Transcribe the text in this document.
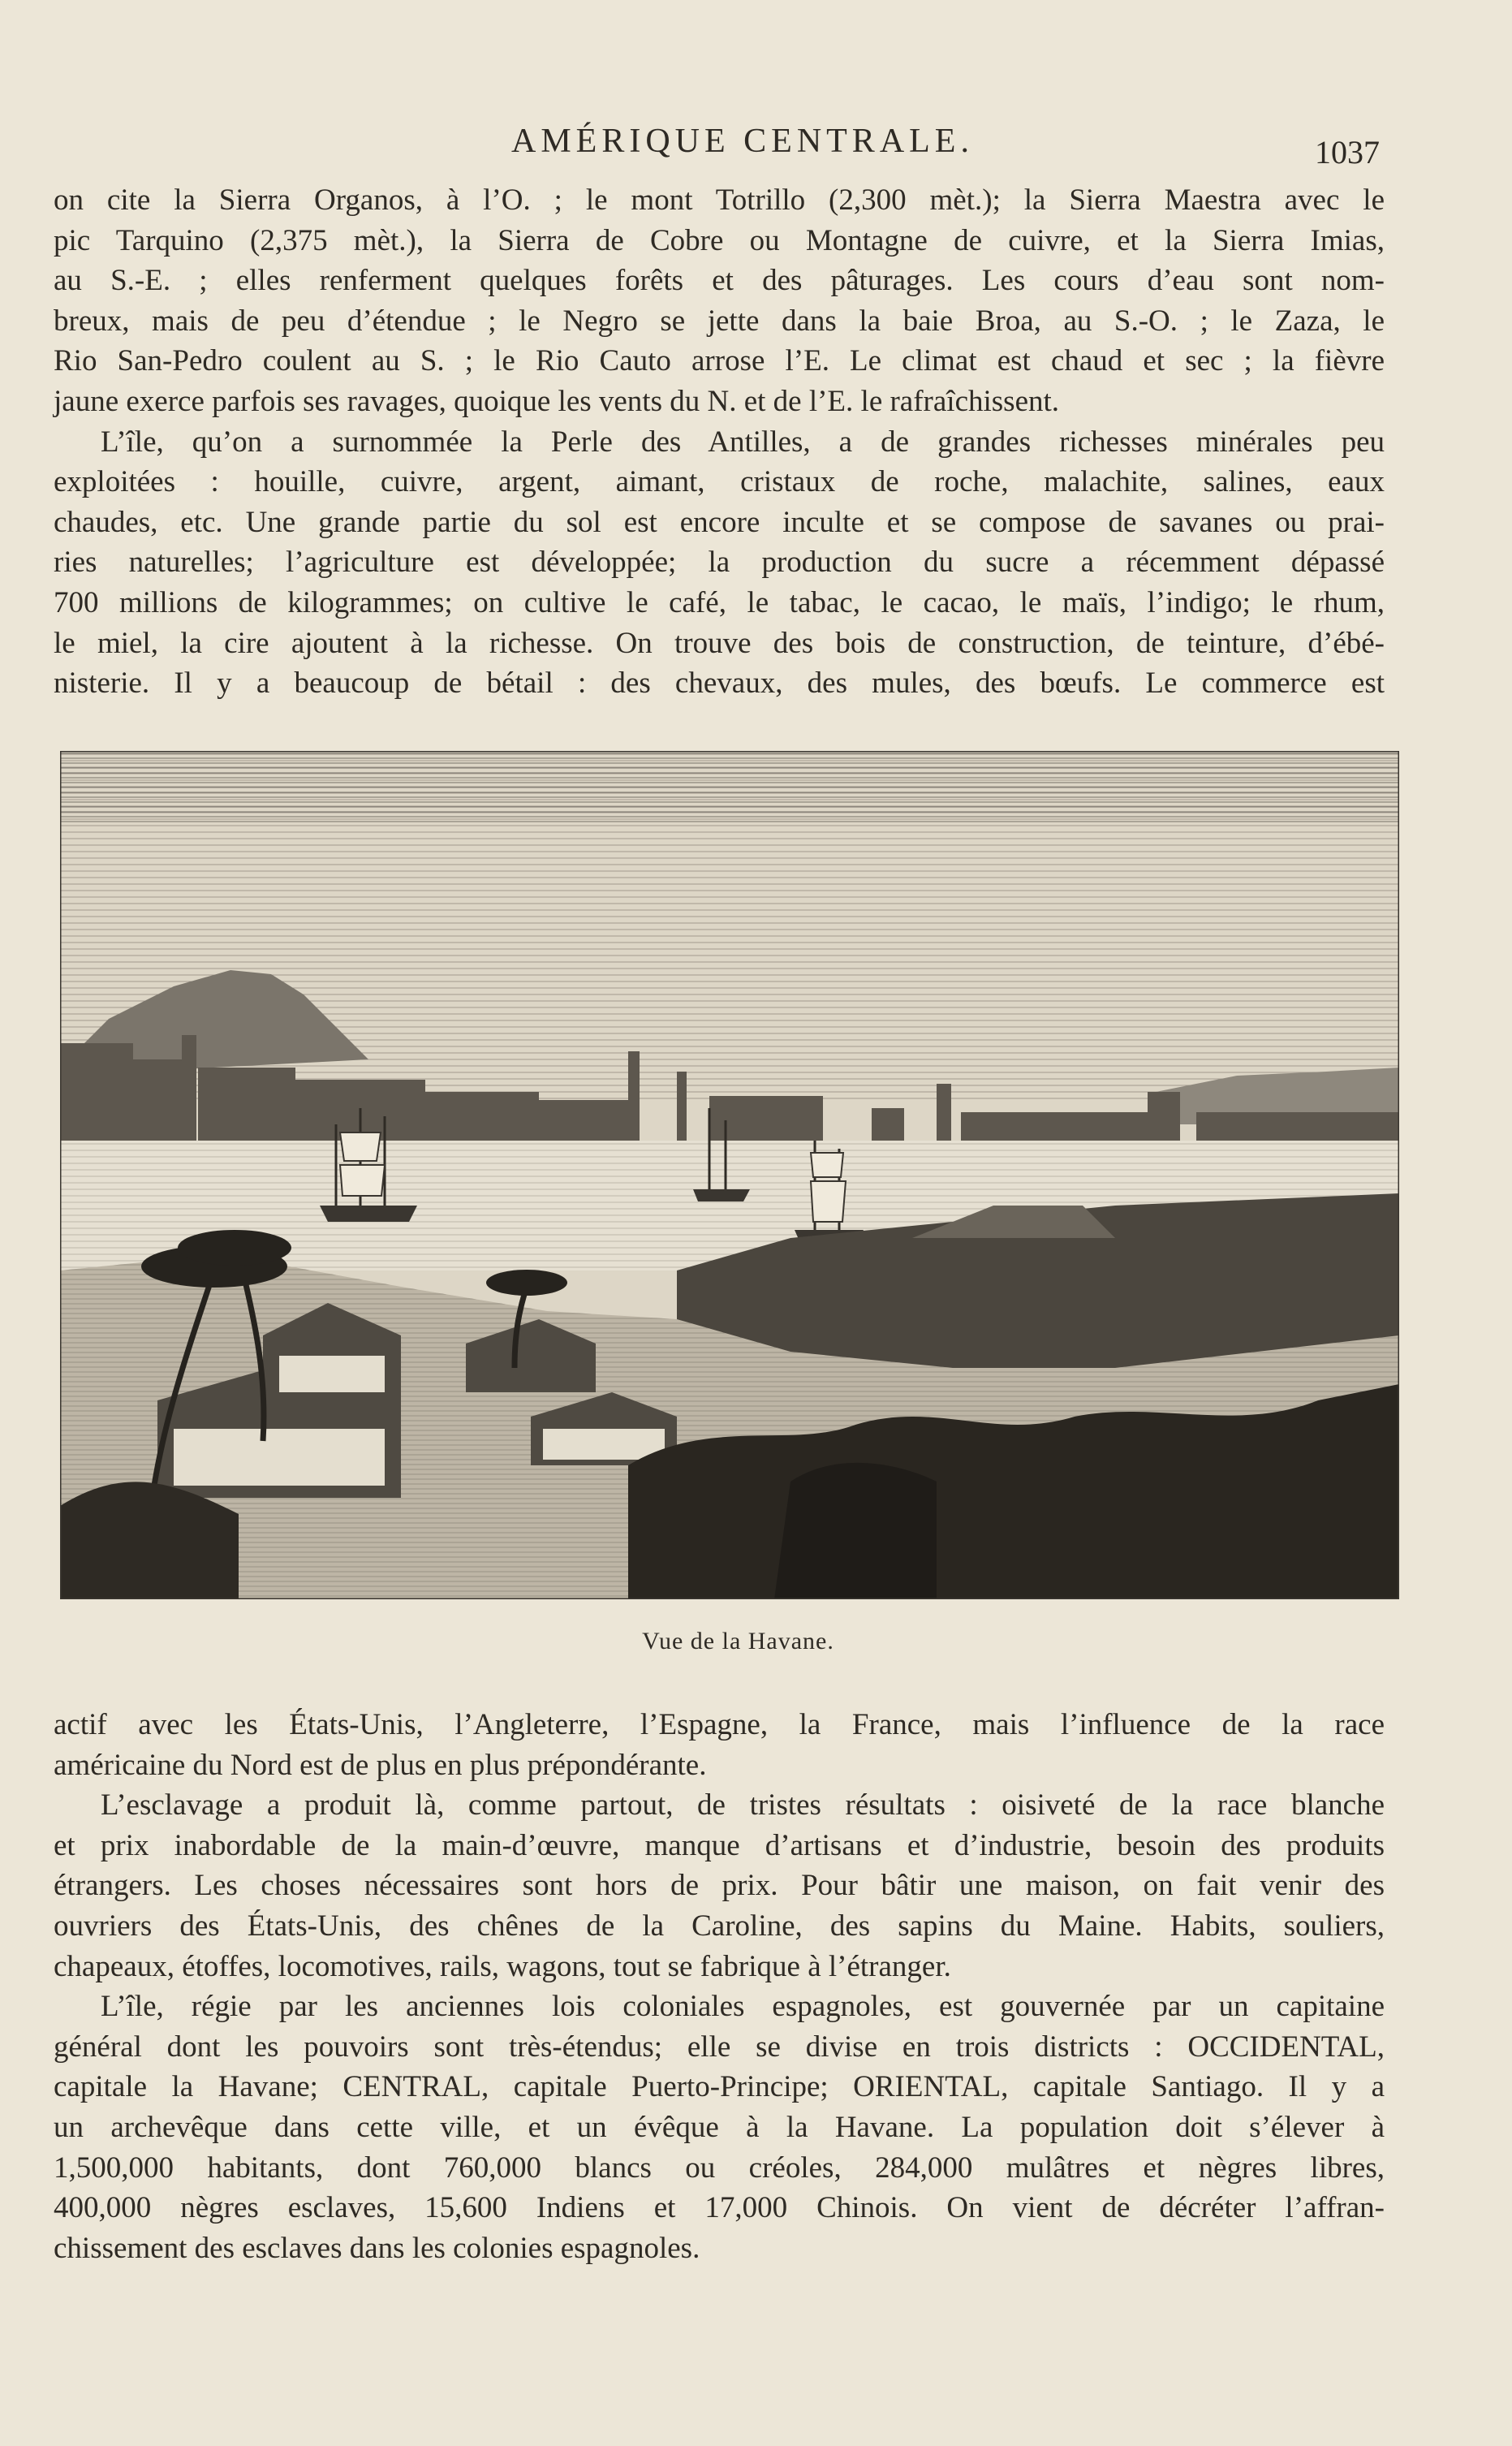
AMÉRIQUE CENTRALE.	1037

on cite la Sierra Organos, à l’O. ; le mont Totrillo (2,300 mèt.); la Sierra Maestra avec le
pic Tarquino (2,375 mèt.), la Sierra de Cobre ou Montagne de cuivre, et la Sierra Imias,
au S.-E. ; elles renferment quelques forêts et des pâturages. Les cours d’eau sont nom-
breux, mais de peu d’étendue ; le Negro se jette dans la baie Broa, au S.-O. ; le Zaza, le
Rio San-Pedro coulent au S. ; le Rio Cauto arrose l’E. Le climat est chaud et sec ; la fièvre
jaune exerce parfois ses ravages, quoique les vents du N. et de l’E. le rafraîchissent.

L’île, qu’on a surnommée la Perle des Antilles, a de grandes richesses minérales peu
exploitées : houille, cuivre, argent, aimant, cristaux de roche, malachite, salines, eaux
chaudes, etc. Une grande partie du sol est encore inculte et se compose de savanes ou prai-
ries naturelles; l’agriculture est développée; la production du sucre a récemment dépassé
700 millions de kilogrammes; on cultive le café, le tabac, le cacao, le maïs, l’indigo; le rhum,
le miel, la cire ajoutent à la richesse. On trouve des bois de construction, de teinture, d’ébé-
nisterie. Il y a beaucoup de bétail : des chevaux, des mules, des bœufs. Le commerce est

Vue de la Havane.

actif avec les États-Unis, l’Angleterre, l’Espagne, la France, mais l’influence de la race
américaine du Nord est de plus en plus prépondérante.

L’esclavage a produit là, comme partout, de tristes résultats : oisiveté de la race blanche
et prix inabordable de la main-d’œuvre, manque d’artisans et d’industrie, besoin des produits
étrangers. Les choses nécessaires sont hors de prix. Pour bâtir une maison, on fait venir des
ouvriers des États-Unis, des chênes de la Caroline, des sapins du Maine. Habits, souliers,
chapeaux, étoffes, locomotives, rails, wagons, tout se fabrique à l’étranger.

L’île, régie par les anciennes lois coloniales espagnoles, est gouvernée par un capitaine
général dont les pouvoirs sont très-étendus; elle se divise en trois districts : OCCIDENTAL,
capitale la Havane; CENTRAL, capitale Puerto-Principe; ORIENTAL, capitale Santiago. Il y a
un archevêque dans cette ville, et un évêque à la Havane. La population doit s’élever à
1,500,000 habitants, dont 760,000 blancs ou créoles, 284,000 mulâtres et nègres libres,
400,000 nègres esclaves, 15,600 Indiens et 17,000 Chinois. On vient de décréter l’affran-
chissement des esclaves dans les colonies espagnoles.
